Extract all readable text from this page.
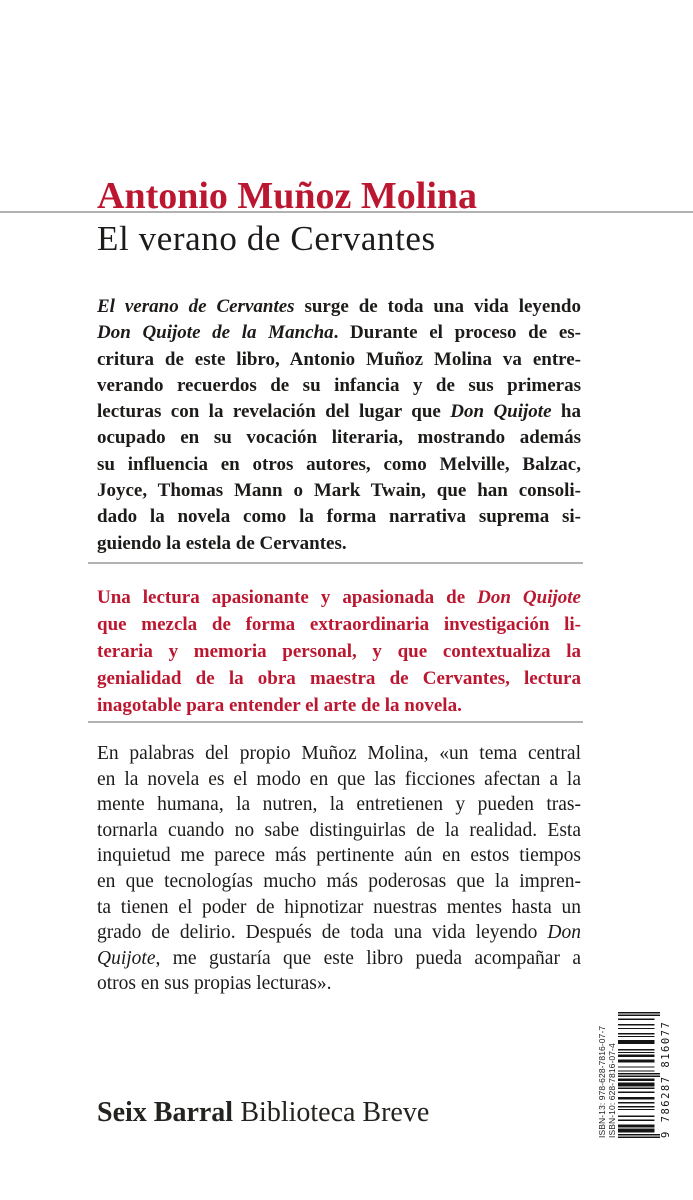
Antonio Muñoz Molina
El verano de Cervantes
El verano de Cervantes surge de toda una vida leyendo
Don Quijote de la Mancha. Durante el proceso de es-
critura de este libro, Antonio Muñoz Molina va entre-
verando recuerdos de su infancia y de sus primeras
lecturas con la revelación del lugar que Don Quijote ha
ocupado en su vocación literaria, mostrando además
su influencia en otros autores, como Melville, Balzac,
Joyce, Thomas Mann o Mark Twain, que han consoli-
dado la novela como la forma narrativa suprema si-
guiendo la estela de Cervantes.
Una lectura apasionante y apasionada de Don Quijote
que mezcla de forma extraordinaria investigación li-
teraria y memoria personal, y que contextualiza la
genialidad de la obra maestra de Cervantes, lectura
inagotable para entender el arte de la novela.
En palabras del propio Muñoz Molina, «un tema central
en la novela es el modo en que las ficciones afectan a la
mente humana, la nutren, la entretienen y pueden tras-
tornarla cuando no sabe distinguirlas de la realidad. Esta
inquietud me parece más pertinente aún en estos tiempos
en que tecnologías mucho más poderosas que la impren-
ta tienen el poder de hipnotizar nuestras mentes hasta un
grado de delirio. Después de toda una vida leyendo Don
Quijote, me gustaría que este libro pueda acompañar a
otros en sus propias lecturas».
Seix Barral Biblioteca Breve	ISBN-13: 978-628-7816-07-7 ISBN-10: 628-7816-07-4	9 786287 816077
